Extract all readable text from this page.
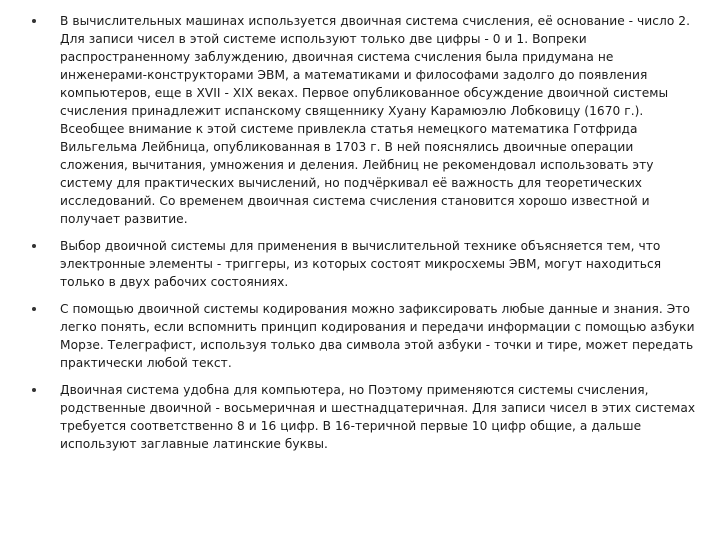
В вычислительных машинах используется двоичная система счисления, её основание - число 2. Для записи чисел в этой системе используют только две цифры - 0 и 1. Вопреки распространенному заблуждению, двоичная система счисления была придумана не инженерами-конструкторами ЭВМ, а математиками и философами задолго до появления компьютеров, еще в XVII - XIX веках. Первое опубликованное обсуждение двоичной системы счисления принадлежит испанскому священнику Хуану Карамюэлю Лобковицу (1670 г.). Всеобщее внимание к этой системе привлекла статья немецкого математика Готфрида Вильгельма Лейбница, опубликованная в 1703 г. В ней пояснялись двоичные операции сложения, вычитания, умножения и деления. Лейбниц не рекомендовал использовать эту систему для практических вычислений, но подчёркивал её важность для теоретических исследований. Со временем двоичная система счисления становится хорошо известной и получает развитие.

Выбор двоичной системы для применения в вычислительной технике объясняется тем, что электронные элементы - триггеры, из которых состоят микросхемы ЭВМ, могут находиться только в двух рабочих состояниях.

С помощью двоичной системы кодирования можно зафиксировать любые данные и знания. Это легко понять, если вспомнить принцип кодирования и передачи информации с помощью азбуки Морзе. Телеграфист, используя только два символа этой азбуки - точки и тире, может передать практически любой текст.

Двоичная система удобна для компьютера, но Поэтому применяются системы счисления, родственные двоичной - восьмеричная и шестнадцатеричная. Для записи чисел в этих системах требуется соответственно 8 и 16 цифр. В 16-теричной первые 10 цифр общие, а дальше используют заглавные латинские буквы.
